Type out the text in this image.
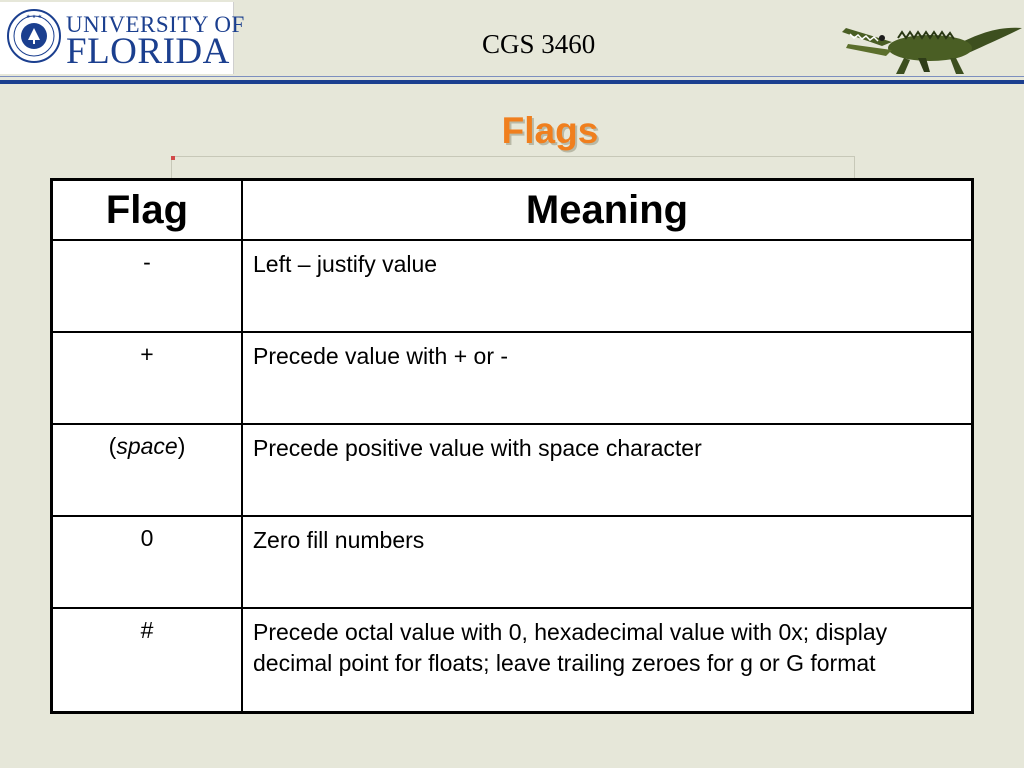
★ ★ ★ UNIVERSITY OF
FLORIDA	CGS 3460
Flags
Flag	Meaning
-	Left – justify value
+	Precede value with + or -
(space)	Precede positive value with space character
0	Zero fill numbers
#	Precede octal value with 0, hexadecimal value with 0x; display decimal point for floats; leave trailing zeroes for g or G format
